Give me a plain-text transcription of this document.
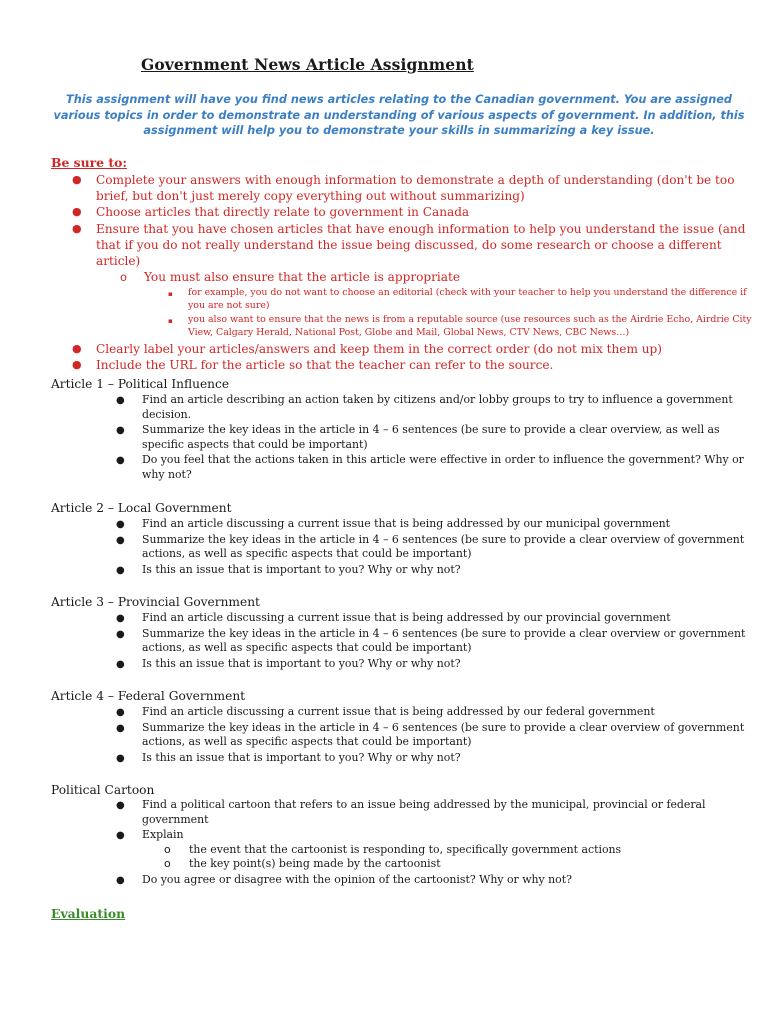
Government News Article Assignment

This assignment will have you find news articles relating to the Canadian government. You are assigned various topics in order to demonstrate an understanding of various aspects of government. In addition, this assignment will help you to demonstrate your skills in summarizing a key issue.

Be sure to:
● Complete your answers with enough information to demonstrate a depth of understanding (don't be too brief, but don't just merely copy everything out without summarizing)
● Choose articles that directly relate to government in Canada
● Ensure that you have chosen articles that have enough information to help you understand the issue (and that if you do not really understand the issue being discussed, do some research or choose a different article)
o You must also ensure that the article is appropriate
▪ for example, you do not want to choose an editorial (check with your teacher to help you understand the difference if you are not sure)
▪ you also want to ensure that the news is from a reputable source (use resources such as the Airdrie Echo, Airdrie City View, Calgary Herald, National Post, Globe and Mail, Global News, CTV News, CBC News…)
● Clearly label your articles/answers and keep them in the correct order (do not mix them up)
● Include the URL for the article so that the teacher can refer to the source.
Article 1 – Political Influence
● Find an article describing an action taken by citizens and/or lobby groups to try to influence a government decision.
● Summarize the key ideas in the article in 4 – 6 sentences (be sure to provide a clear overview, as well as specific aspects that could be important)
● Do you feel that the actions taken in this article were effective in order to influence the government? Why or why not?
Article 2 – Local Government
● Find an article discussing a current issue that is being addressed by our municipal government
● Summarize the key ideas in the article in 4 – 6 sentences (be sure to provide a clear overview of government actions, as well as specific aspects that could be important)
● Is this an issue that is important to you? Why or why not?
Article 3 – Provincial Government
● Find an article discussing a current issue that is being addressed by our provincial government
● Summarize the key ideas in the article in 4 – 6 sentences (be sure to provide a clear overview or government actions, as well as specific aspects that could be important)
● Is this an issue that is important to you? Why or why not?
Article 4 – Federal Government
● Find an article discussing a current issue that is being addressed by our federal government
● Summarize the key ideas in the article in 4 – 6 sentences (be sure to provide a clear overview of government actions, as well as specific aspects that could be important)
● Is this an issue that is important to you? Why or why not?
Political Cartoon
● Find a political cartoon that refers to an issue being addressed by the municipal, provincial or federal government
● Explain
o the event that the cartoonist is responding to, specifically government actions
o the key point(s) being made by the cartoonist
● Do you agree or disagree with the opinion of the cartoonist? Why or why not?
Evaluation
